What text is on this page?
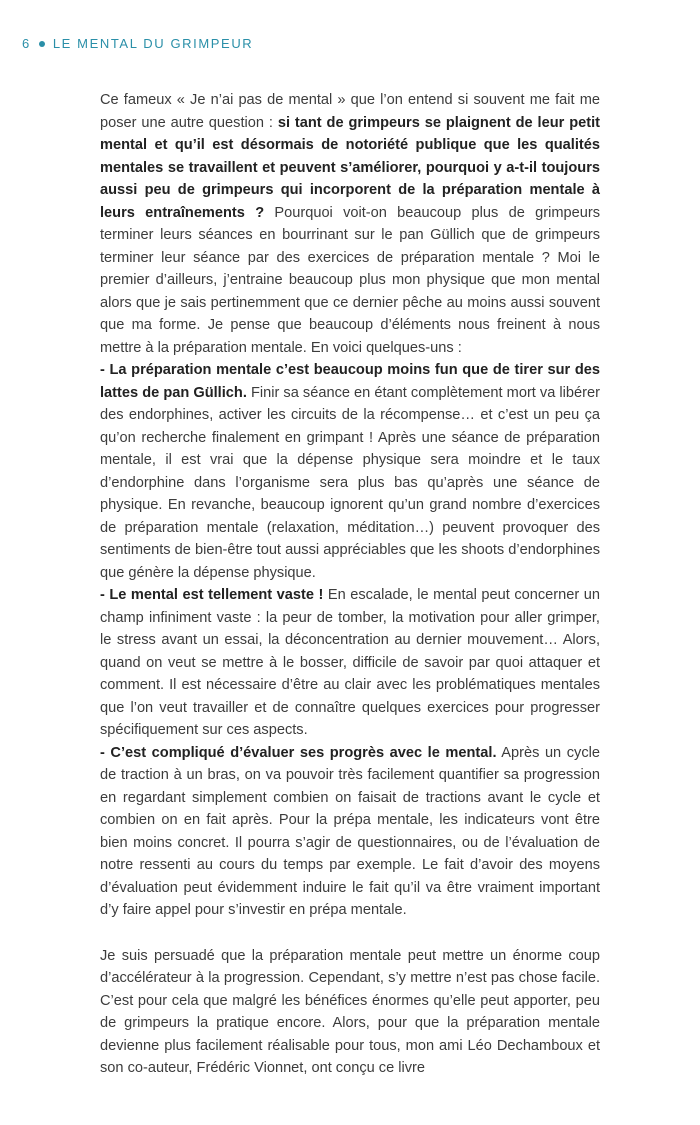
6 LE MENTAL DU GRIMPEUR

Ce fameux « Je n’ai pas de mental » que l’on entend si souvent me fait me poser une autre question : si tant de grimpeurs se plaignent de leur petit mental et qu’il est désormais de notoriété publique que les qualités mentales se travaillent et peuvent s’améliorer, pourquoi y a-t-il toujours aussi peu de grimpeurs qui incorporent de la préparation mentale à leurs entraînements ? Pourquoi voit-on beaucoup plus de grimpeurs terminer leurs séances en bourrinant sur le pan Güllich que de grimpeurs terminer leur séance par des exercices de préparation mentale ? Moi le premier d’ailleurs, j’entraine beaucoup plus mon physique que mon mental alors que je sais pertinemment que ce dernier pêche au moins aussi souvent que ma forme. Je pense que beaucoup d’éléments nous freinent à nous mettre à la préparation mentale. En voici quelques-uns :

- La préparation mentale c’est beaucoup moins fun que de tirer sur des lattes de pan Güllich. Finir sa séance en étant complètement mort va libérer des endorphines, activer les circuits de la récompense… et c’est un peu ça qu’on recherche finalement en grimpant ! Après une séance de préparation mentale, il est vrai que la dépense physique sera moindre et le taux d’endorphine dans l’organisme sera plus bas qu’après une séance de physique. En revanche, beaucoup ignorent qu’un grand nombre d’exercices de préparation mentale (relaxation, méditation…) peuvent provoquer des sentiments de bien-être tout aussi appréciables que les shoots d’endorphines que génère la dépense physique.

- Le mental est tellement vaste ! En escalade, le mental peut concerner un champ infiniment vaste : la peur de tomber, la motivation pour aller grimper, le stress avant un essai, la déconcentration au dernier mouvement… Alors, quand on veut se mettre à le bosser, difficile de savoir par quoi attaquer et comment. Il est nécessaire d’être au clair avec les problématiques mentales que l’on veut travailler et de connaître quelques exercices pour progresser spécifiquement sur ces aspects.

- C’est compliqué d’évaluer ses progrès avec le mental. Après un cycle de traction à un bras, on va pouvoir très facilement quantifier sa progression en regardant simplement combien on faisait de tractions avant le cycle et combien on en fait après. Pour la prépa mentale, les indicateurs vont être bien moins concret. Il pourra s’agir de questionnaires, ou de l’évaluation de notre ressenti au cours du temps par exemple. Le fait d’avoir des moyens d’évaluation peut évidemment induire le fait qu’il va être vraiment important d’y faire appel pour s’investir en prépa mentale.

Je suis persuadé que la préparation mentale peut mettre un énorme coup d’accélérateur à la progression. Cependant, s’y mettre n’est pas chose facile. C’est pour cela que malgré les bénéfices énormes qu’elle peut apporter, peu de grimpeurs la pratique encore. Alors, pour que la préparation mentale devienne plus facilement réalisable pour tous, mon ami Léo Dechamboux et son co-auteur, Frédéric Vionnet, ont conçu ce livre
